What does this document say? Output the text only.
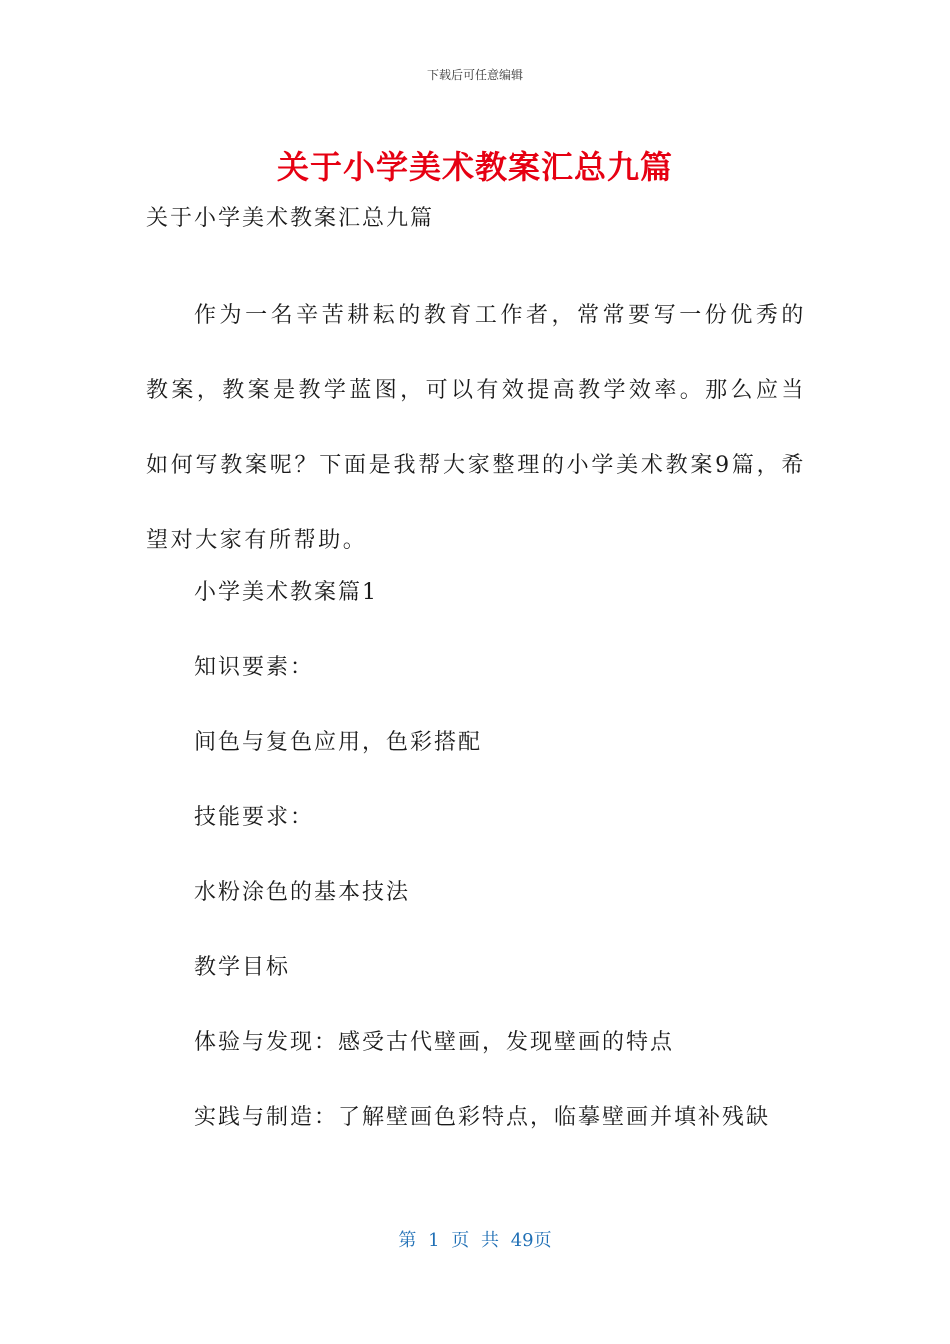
下载后可任意编辑
关于小学美术教案汇总九篇
关于小学美术教案汇总九篇

作为一名辛苦耕耘的教育工作者，常常要写一份优秀的教案，教案是教学蓝图，可以有效提高教学效率。那么应当如何写教案呢？下面是我帮大家整理的小学美术教案9篇，希望对大家有所帮助。

小学美术教案篇1
知识要素：
间色与复色应用，色彩搭配
技能要求：
水粉涂色的基本技法
教学目标
体验与发现：感受古代壁画，发现壁画的特点
实践与制造：了解壁画色彩特点，临摹壁画并填补残缺
第 1 页 共 49页
